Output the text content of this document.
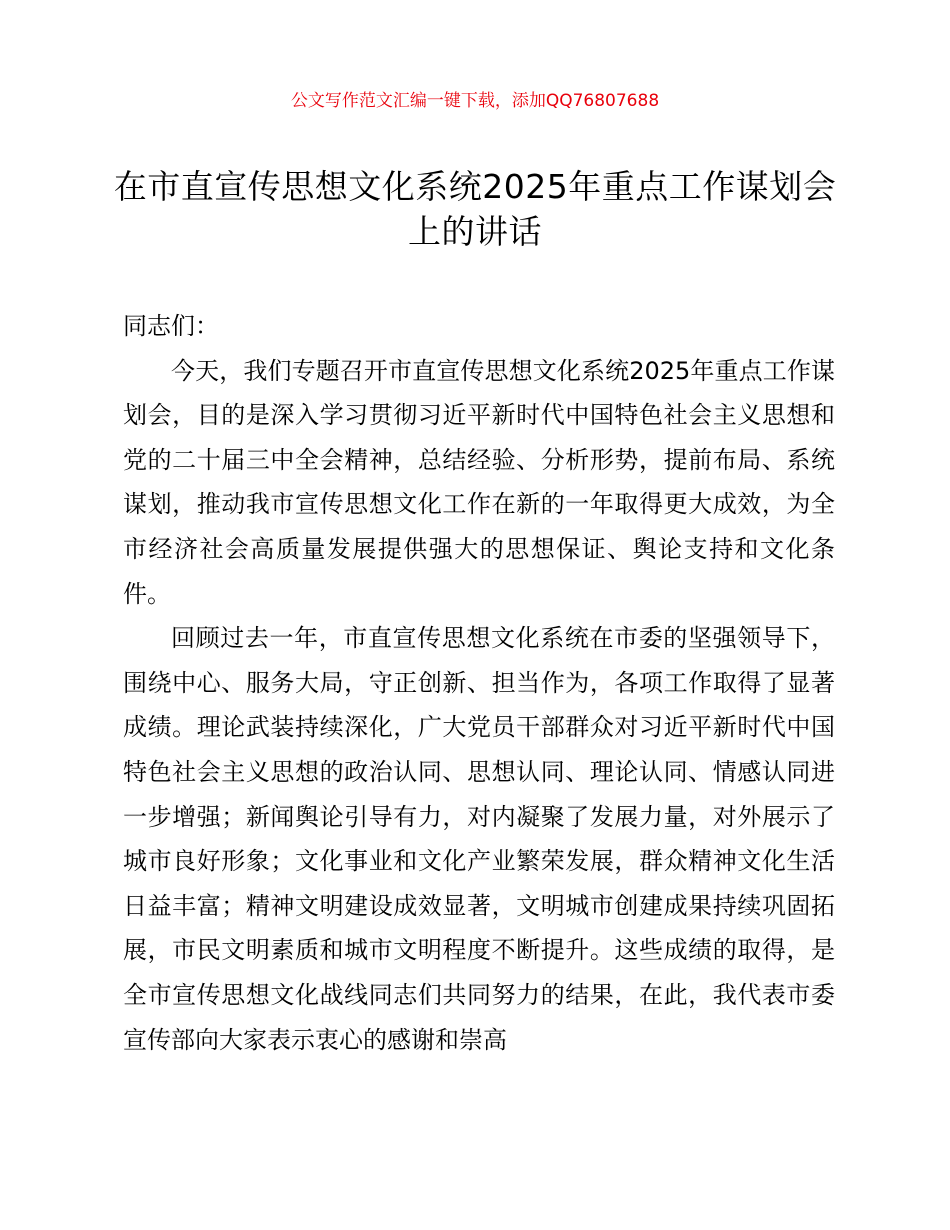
公文写作范文汇编一键下载，添加QQ76807688
在市直宣传思想文化系统2025年重点工作谋划会上的讲话

同志们：

今天，我们专题召开市直宣传思想文化系统2025年重点工作谋划会，目的是深入学习贯彻习近平新时代中国特色社会主义思想和党的二十届三中全会精神，总结经验、分析形势，提前布局、系统谋划，推动我市宣传思想文化工作在新的一年取得更大成效，为全市经济社会高质量发展提供强大的思想保证、舆论支持和文化条件。

回顾过去一年，市直宣传思想文化系统在市委的坚强领导下，围绕中心、服务大局，守正创新、担当作为，各项工作取得了显著成绩。理论武装持续深化，广大党员干部群众对习近平新时代中国特色社会主义思想的政治认同、思想认同、理论认同、情感认同进一步增强；新闻舆论引导有力，对内凝聚了发展力量，对外展示了城市良好形象；文化事业和文化产业繁荣发展，群众精神文化生活日益丰富；精神文明建设成效显著，文明城市创建成果持续巩固拓展，市民文明素质和城市文明程度不断提升。这些成绩的取得，是全市宣传思想文化战线同志们共同努力的结果，在此，我代表市委宣传部向大家表示衷心的感谢和崇高
